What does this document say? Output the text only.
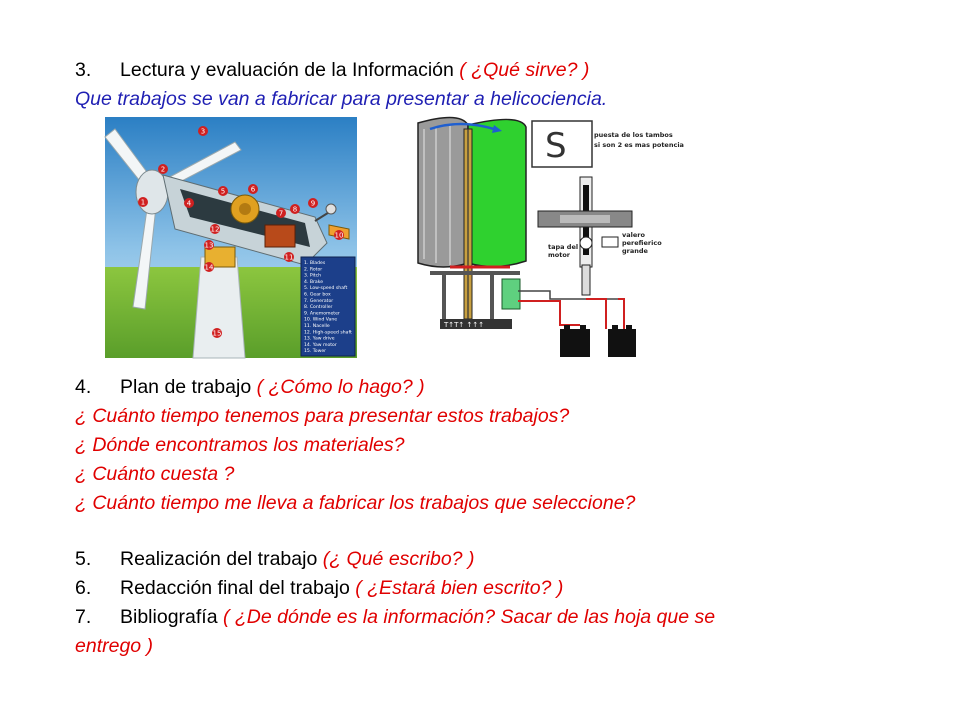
3. Lectura y evaluación de la Información ( ¿Qué sirve? )
Que trabajos se van a fabricar para presentar a helicociencia.
1
2
3
4
5	6
7 8
9
10
11
12
13
14
15
1. Blades
2. Rotor
3. Pitch
4. Brake
5. Low-speed shaft
6. Gear box
7. Generator
8. Controller
9. Anemometer
10. Wind Vane
11. Nacelle
12. High-speed shaft
13. Yaw drive
14. Yaw motor
15. Tower
T↑T↑ ↑↑↑
S	puesta de los tambos
si son 2 es mas potencia
tapa del
motor
valero
perefierico
grande
4. Plan de trabajo ( ¿Cómo lo hago? )
¿ Cuánto tiempo tenemos para presentar estos trabajos?
¿ Dónde encontramos los materiales?
¿ Cuánto cuesta ?
¿ Cuánto tiempo me lleva a fabricar los trabajos que seleccione?
5. Realización del trabajo (¿ Qué escribo? )
6. Redacción final del trabajo ( ¿Estará bien escrito? )
7. Bibliografía ( ¿De dónde es la información? Sacar de las hoja que se
entrego )
